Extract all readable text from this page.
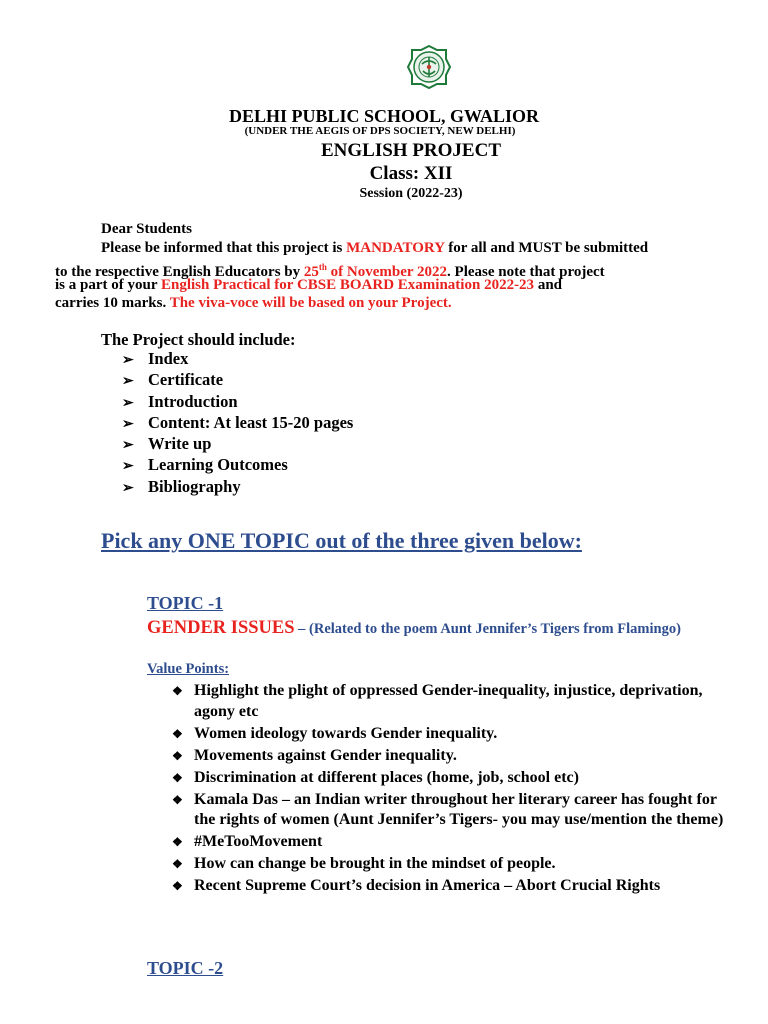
DELHI PUBLIC SCHOOL, GWALIOR
(UNDER THE AEGIS OF DPS SOCIETY, NEW DELHI)
ENGLISH PROJECT
Class: XII
Session (2022-23)
Dear Students
Please be informed that this project is MANDATORY for all and MUST be submitted
to the respective English Educators by 25th of November 2022. Please note that project
is a part of your English Practical for CBSE BOARD Examination 2022-23 and
carries 10 marks. The viva-voce will be based on your Project.
The Project should include:
➢ Index
➢ Certificate
➢ Introduction
➢ Content: At least 15-20 pages
➢ Write up
➢ Learning Outcomes
➢ Bibliography
Pick any ONE TOPIC out of the three given below:
TOPIC -1
GENDER ISSUES – (Related to the poem Aunt Jennifer’s Tigers from Flamingo)
Value Points:
❖ Highlight the plight of oppressed Gender-inequality, injustice, deprivation, agony etc
❖ Women ideology towards Gender inequality.
❖ Movements against Gender inequality.
❖ Discrimination at different places (home, job, school etc)
❖ Kamala Das – an Indian writer throughout her literary career has fought for the rights of women (Aunt Jennifer’s Tigers- you may use/mention the theme)
❖ #MeTooMovement
❖ How can change be brought in the mindset of people.
❖ Recent Supreme Court’s decision in America – Abort Crucial Rights
TOPIC -2
